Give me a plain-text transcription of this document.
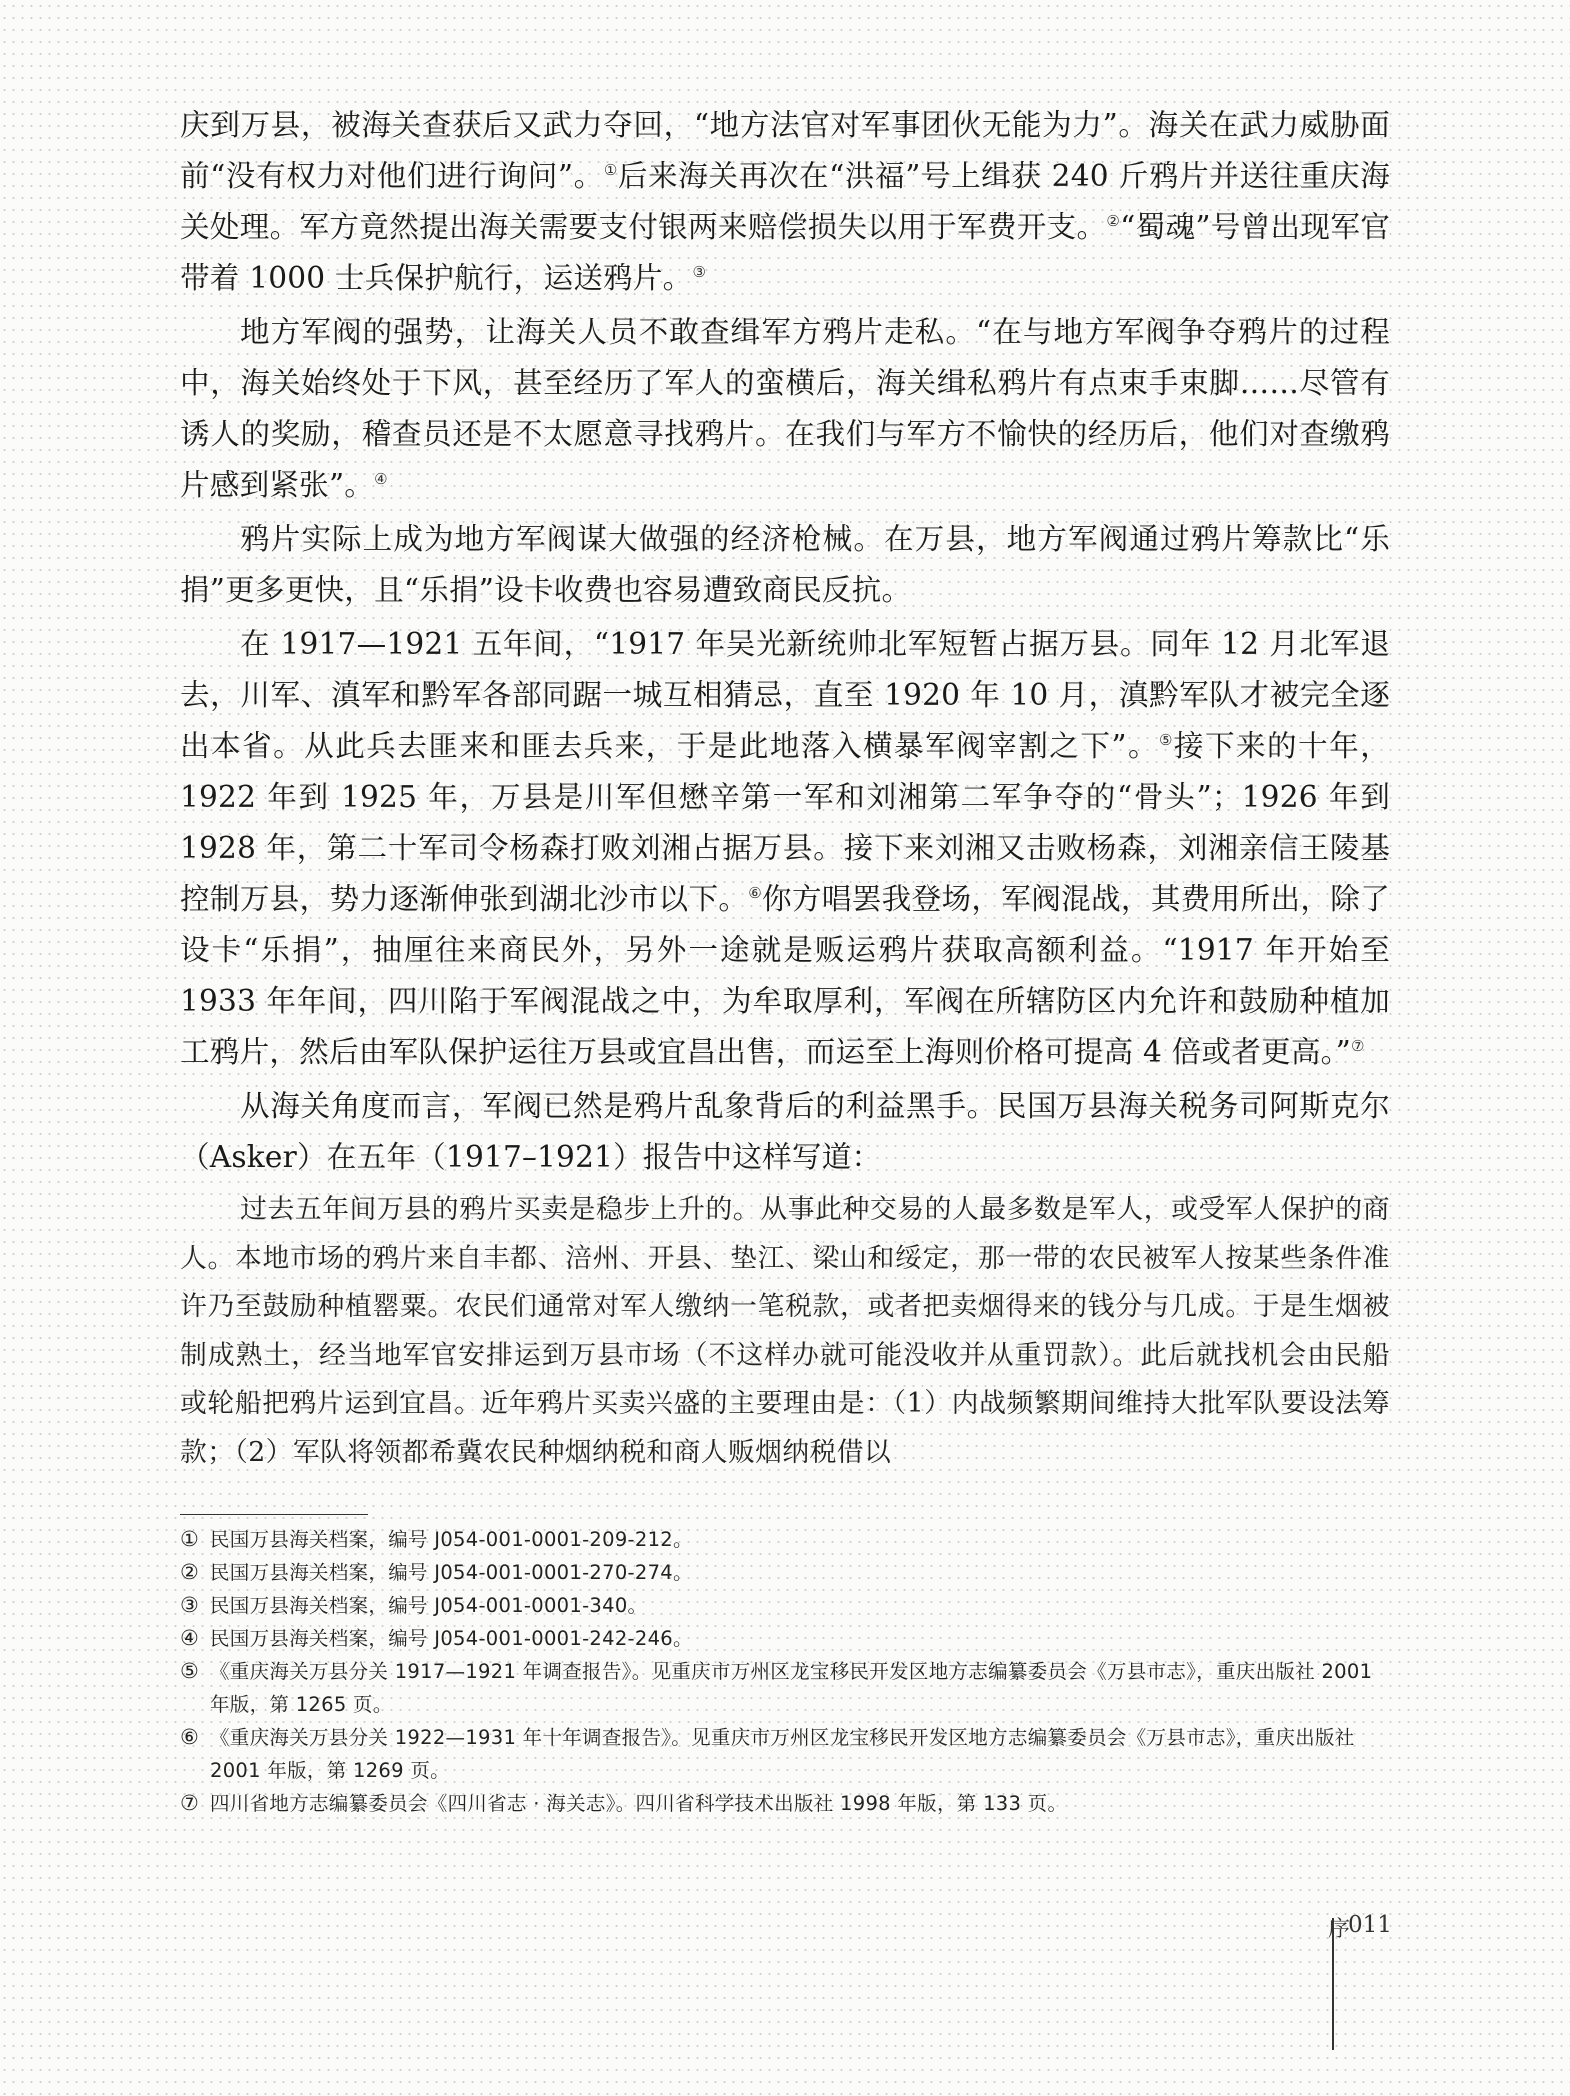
庆到万县，被海关查获后又武力夺回，“地方法官对军事团伙无能为力”。海关在武力威胁面前“没有权力对他们进行询问”。①后来海关再次在“洪福”号上缉获 240 斤鸦片并送往重庆海关处理。军方竟然提出海关需要支付银两来赔偿损失以用于军费开支。②“蜀魂”号曾出现军官带着 1000 士兵保护航行，运送鸦片。③

地方军阀的强势，让海关人员不敢查缉军方鸦片走私。“在与地方军阀争夺鸦片的过程中，海关始终处于下风，甚至经历了军人的蛮横后，海关缉私鸦片有点束手束脚……尽管有诱人的奖励，稽查员还是不太愿意寻找鸦片。在我们与军方不愉快的经历后，他们对查缴鸦片感到紧张”。④

鸦片实际上成为地方军阀谋大做强的经济枪械。在万县，地方军阀通过鸦片筹款比“乐捐”更多更快，且“乐捐”设卡收费也容易遭致商民反抗。

在 1917—1921 五年间，“1917 年吴光新统帅北军短暂占据万县。同年 12 月北军退去，川军、滇军和黔军各部同踞一城互相猜忌，直至 1920 年 10 月，滇黔军队才被完全逐出本省。从此兵去匪来和匪去兵来，于是此地落入横暴军阀宰割之下”。⑤接下来的十年，1922 年到 1925 年，万县是川军但懋辛第一军和刘湘第二军争夺的“骨头”；1926 年到 1928 年，第二十军司令杨森打败刘湘占据万县。接下来刘湘又击败杨森，刘湘亲信王陵基控制万县，势力逐渐伸张到湖北沙市以下。⑥你方唱罢我登场，军阀混战，其费用所出，除了设卡“乐捐”，抽厘往来商民外，另外一途就是贩运鸦片获取高额利益。“1917 年开始至 1933 年年间，四川陷于军阀混战之中，为牟取厚利，军阀在所辖防区内允许和鼓励种植加工鸦片，然后由军队保护运往万县或宜昌出售，而运至上海则价格可提高 4 倍或者更高。”⑦

从海关角度而言，军阀已然是鸦片乱象背后的利益黑手。民国万县海关税务司阿斯克尔（Asker）在五年（1917–1921）报告中这样写道：

过去五年间万县的鸦片买卖是稳步上升的。从事此种交易的人最多数是军人，或受军人保护的商人。本地市场的鸦片来自丰都、涪州、开县、垫江、梁山和绥定，那一带的农民被军人按某些条件准许乃至鼓励种植罂粟。农民们通常对军人缴纳一笔税款，或者把卖烟得来的钱分与几成。于是生烟被制成熟土，经当地军官安排运到万县市场（不这样办就可能没收并从重罚款）。此后就找机会由民船或轮船把鸦片运到宜昌。近年鸦片买卖兴盛的主要理由是：（1）内战频繁期间维持大批军队要设法筹款；（2）军队将领都希冀农民种烟纳税和商人贩烟纳税借以

① 民国万县海关档案，编号 J054-001-0001-209-212。
② 民国万县海关档案，编号 J054-001-0001-270-274。
③ 民国万县海关档案，编号 J054-001-0001-340。
④ 民国万县海关档案，编号 J054-001-0001-242-246。
⑤ 《重庆海关万县分关 1917—1921 年调查报告》。见重庆市万州区龙宝移民开发区地方志编纂委员会《万县市志》，重庆出版社 2001 年版，第 1265 页。
⑥ 《重庆海关万县分关 1922—1931 年十年调查报告》。见重庆市万州区龙宝移民开发区地方志编纂委员会《万县市志》，重庆出版社 2001 年版，第 1269 页。
⑦ 四川省地方志编纂委员会《四川省志 · 海关志》。四川省科学技术出版社 1998 年版，第 133 页。
序
011
